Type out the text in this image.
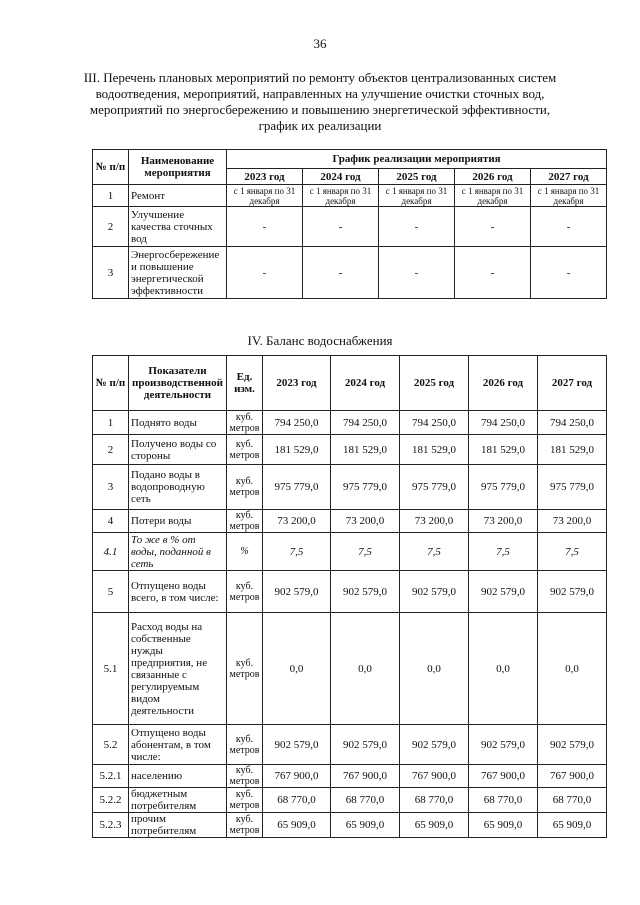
36
III. Перечень плановых мероприятий по ремонту объектов централизованных систем водоотведения, мероприятий, направленных на улучшение очистки сточных вод, мероприятий по энергосбережению и повышению энергетической эффективности, график их реализации
№ п/п	Наименование мероприятия	График реализации мероприятия				
		2023 год	2024 год	2025 год	2026 год	2027 год
1	Ремонт	с 1 января по 31 декабря	с 1 января по 31 декабря	с 1 января по 31 декабря	с 1 января по 31 декабря	с 1 января по 31 декабря
2	Улучшение качества сточных вод	-	-	-	-	-
3	Энергосбережение и повышение энергетической эффективности	-	-	-	-	-
IV. Баланс водоснабжения
№ п/п	Показатели производственной деятельности	Ед. изм.	2023 год	2024 год	2025 год	2026 год	2027 год
1	Поднято воды	куб. метров	794 250,0	794 250,0	794 250,0	794 250,0	794 250,0
2	Получено воды со стороны	куб. метров	181 529,0	181 529,0	181 529,0	181 529,0	181 529,0
3	Подано воды в водопроводную сеть	куб. метров	975 779,0	975 779,0	975 779,0	975 779,0	975 779,0
4	Потери воды	куб. метров	73 200,0	73 200,0	73 200,0	73 200,0	73 200,0
4.1	То же в % от воды, поданной в сеть	%	7,5	7,5	7,5	7,5	7,5
5	Отпущено воды всего, в том числе:	куб. метров	902 579,0	902 579,0	902 579,0	902 579,0	902 579,0
5.1	Расход воды на собственные нужды предприятия, не связанные с регулируемым видом деятельности	куб. метров	0,0	0,0	0,0	0,0	0,0
5.2	Отпущено воды абонентам, в том числе:	куб. метров	902 579,0	902 579,0	902 579,0	902 579,0	902 579,0
5.2.1	населению	куб. метров	767 900,0	767 900,0	767 900,0	767 900,0	767 900,0
5.2.2	бюджетным потребителям	куб. метров	68 770,0	68 770,0	68 770,0	68 770,0	68 770,0
5.2.3	прочим потребителям	куб. метров	65 909,0	65 909,0	65 909,0	65 909,0	65 909,0
